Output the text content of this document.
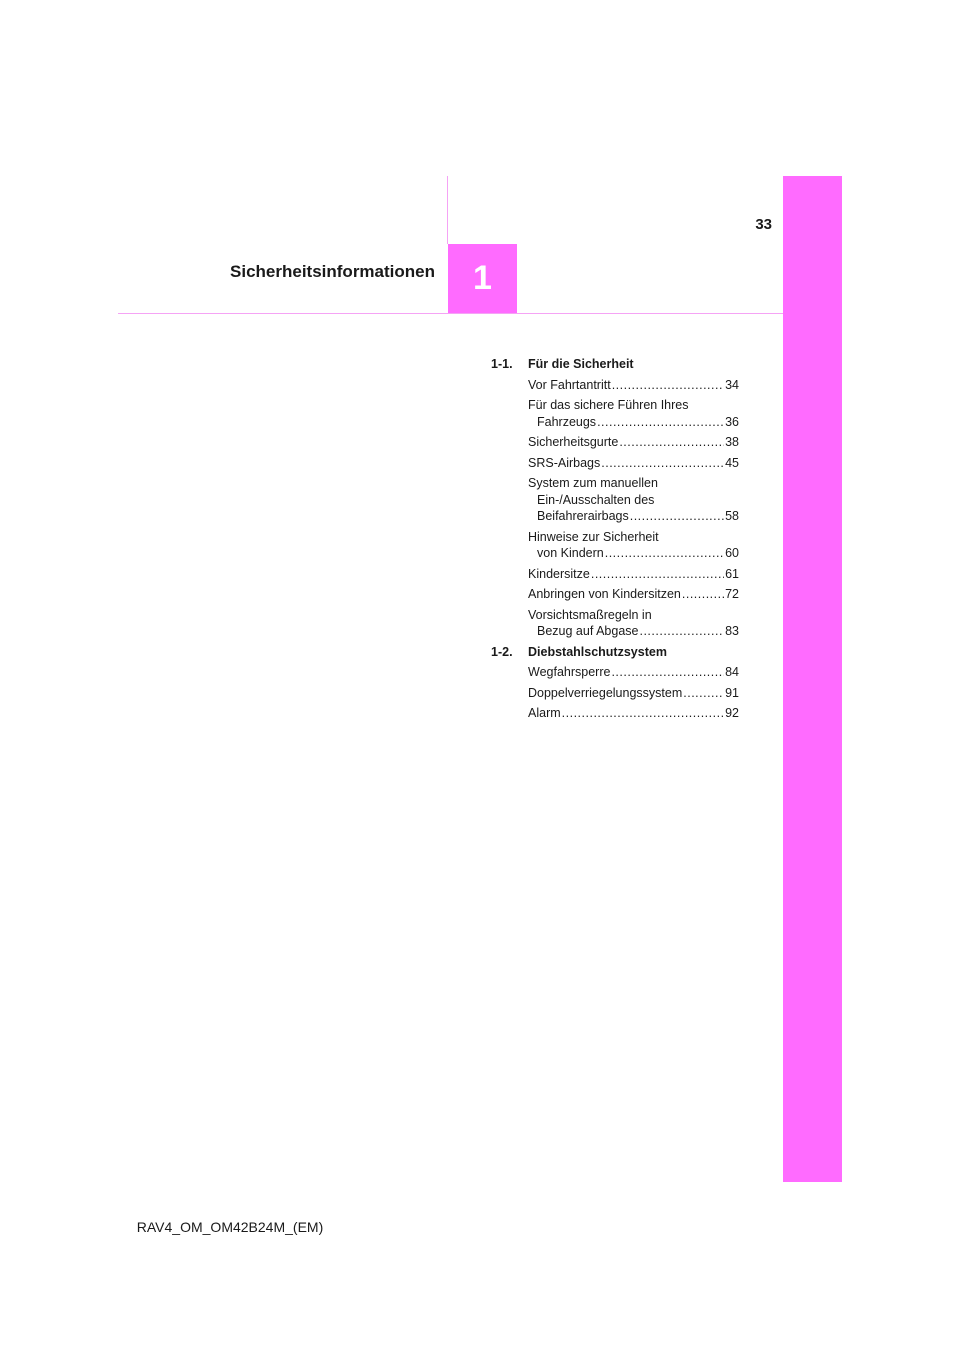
1
33
Sicherheitsinformationen
1-1.	Für die Sicherheit
Vor Fahrtantritt .....	34
Für das sichere Führen Ihres
Fahrzeugs .....	36
Sicherheitsgurte .....	38
SRS-Airbags .....	45
System zum manuellen
Ein-/Ausschalten des
Beifahrerairbags .....	58
Hinweise zur Sicherheit
von Kindern .....	60
Kindersitze .....	61
Anbringen von Kindersitzen .....	72
Vorsichtsmaßregeln in
Bezug auf Abgase .....	83
1-2.	Diebstahlschutzsystem
Wegfahrsperre .....	84
Doppelverriegelungssystem .....	91
Alarm .....	92
RAV4_OM_OM42B24M_(EM)
